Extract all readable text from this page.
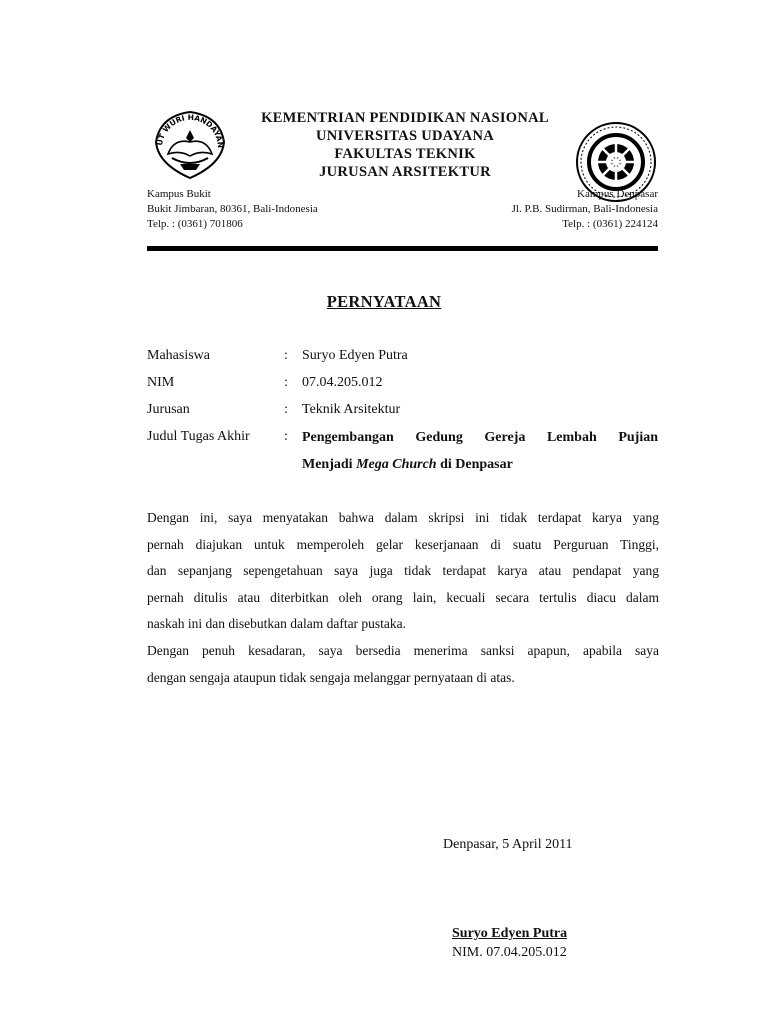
UT WURI HANDAYAN
KEMENTRIAN PENDIDIKAN NASIONAL
UNIVERSITAS UDAYANA
FAKULTAS TEKNIK
JURUSAN ARSITEKTUR
Kampus Bukit
Bukit Jimbaran, 80361, Bali-Indonesia
Telp. : (0361) 701806
Kampus Denpasar
Jl. P.B. Sudirman, Bali-Indonesia
Telp. : (0361) 224124
PERNYATAAN
Mahasiswa	: Suryo Edyen Putra
NIM	: 07.04.205.012
Jurusan	: Teknik Arsitektur
Judul Tugas Akhir	: Pengembangan Gedung Gereja Lembah Pujian
Menjadi Mega Church di Denpasar
Dengan ini, saya menyatakan bahwa dalam skripsi ini tidak terdapat karya yang
pernah diajukan untuk memperoleh gelar keserjanaan di suatu Perguruan Tinggi,
dan sepanjang sepengetahuan saya juga tidak terdapat karya atau pendapat yang
pernah ditulis atau diterbitkan oleh orang lain, kecuali secara tertulis diacu dalam
naskah ini dan disebutkan dalam daftar pustaka.
Dengan penuh kesadaran, saya bersedia menerima sanksi apapun, apabila saya
dengan sengaja ataupun tidak sengaja melanggar pernyataan di atas.
Denpasar, 5 April 2011
Suryo Edyen Putra
NIM. 07.04.205.012
